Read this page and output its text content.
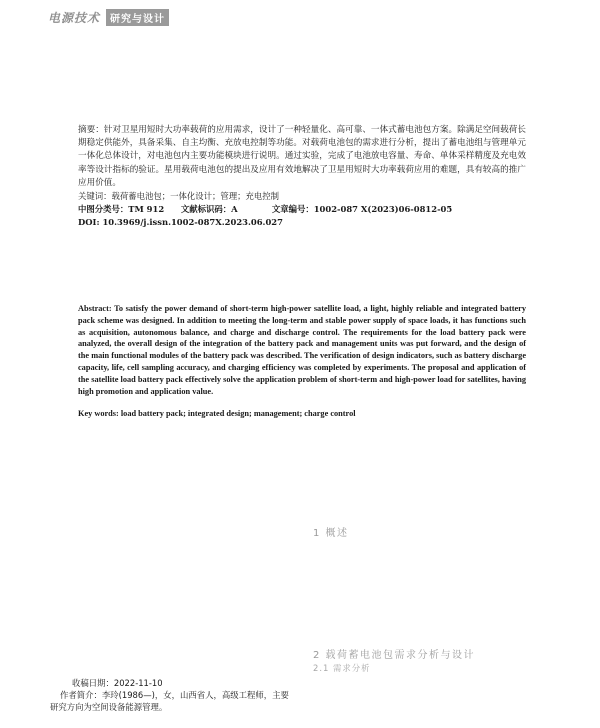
电源技术	研究与设计
摘要：针对卫星用短时大功率载荷的应用需求，设计了一种轻量化、高可靠、一体式蓄电池包方案。除满足空间载荷长期稳定供能外，具备采集、自主均衡、充放电控制等功能。对载荷电池包的需求进行分析，提出了蓄电池组与管理单元一体化总体设计，对电池包内主要功能模块进行说明。通过实验，完成了电池放电容量、寿命、单体采样精度及充电效率等设计指标的验证。星用载荷电池包的提出及应用有效地解决了卫星用短时大功率载荷应用的难题，具有较高的推广应用价值。
关键词：载荷蓄电池包；一体化设计；管理；充电控制
中图分类号：TM 912 文献标识码：A	文章编号：1002-087 X(2023)06-0812-05
DOI: 10.3969/j.issn.1002-087X.2023.06.027
Abstract: To satisfy the power demand of short-term high-power satellite load, a light, highly reliable and integrated battery pack scheme was designed. In addition to meeting the long-term and stable power supply of space loads, it has functions such as acquisition, autonomous balance, and charge and discharge control. The requirements for the load battery pack were analyzed, the overall design of the integration of the battery pack and management units was put forward, and the design of the main functional modules of the battery pack was described. The verification of design indicators, such as battery discharge capacity, life, cell sampling accuracy, and charging efficiency was completed by experiments. The proposal and application of the satellite load battery pack effectively solve the application problem of short-term and high-power load for satellites, having high promotion and application value.
Key words: load battery pack; integrated design; management; charge control
1 概述
2 载荷蓄电池包需求分析与设计
2.1 需求分析
收稿日期：2022-11-10
作者简介：李玲(1986—)，女，山西省人，高级工程师，主要
研究方向为空间设备能源管理。
